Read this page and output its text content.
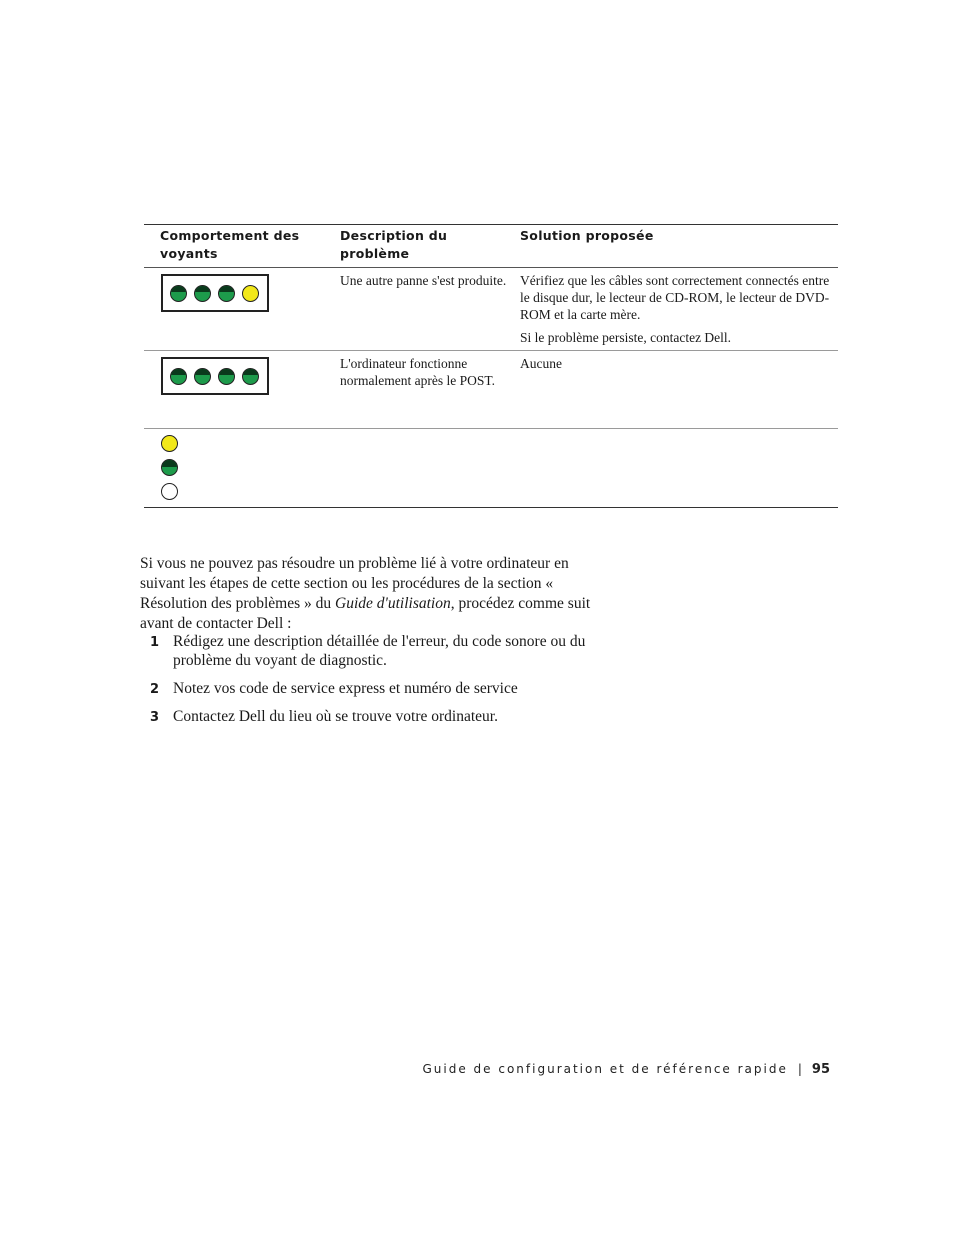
Comportement des voyants
Description du problème
Solution proposée
Une autre panne s'est produite. Vérifiez que les câbles sont correctement connectés entre le disque dur, le lecteur de CD-ROM, le lecteur de DVD-ROM et la carte mère.
Si le problème persiste, contactez Dell.
L'ordinateur fonctionne normalement après le POST.
Aucune

Si vous ne pouvez pas résoudre un problème lié à votre ordinateur en suivant les étapes de cette section ou les procédures de la section « Résolution des problèmes » du Guide d'utilisation, procédez comme suit avant de contacter Dell :

1 Rédigez une description détaillée de l'erreur, du code sonore ou du problème du voyant de diagnostic.
2 Notez vos code de service express et numéro de service
3 Contactez Dell du lieu où se trouve votre ordinateur.
Guide de configuration et de référence rapide | 95
